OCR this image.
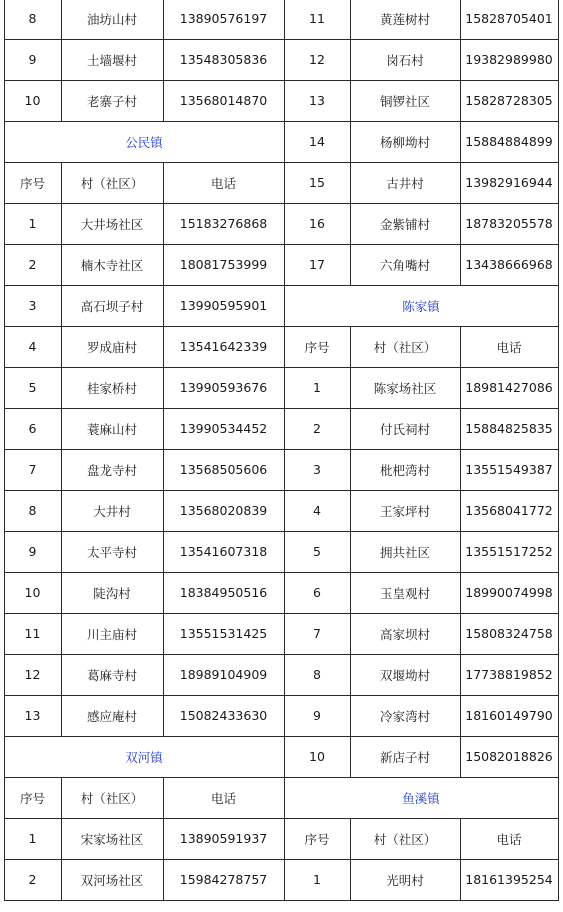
8	油坊山村	13890576197
9	土墙堰村	13548305836
10	老寨子村	13568014870
公民镇
序号	村（社区）	电话
1	大井场社区	15183276868
2	楠木寺社区	18081753999
3	高石坝子村	13990595901
4	罗成庙村	13541642339
5	桂家桥村	13990593676
6	蓑麻山村	13990534452
7	盘龙寺村	13568505606
8	大井村	13568020839
9	太平寺村	13541607318
10	陡沟村	18384950516
11	川主庙村	13551531425
12	葛麻寺村	18989104909
13	感应庵村	15082433630
双河镇
序号	村（社区）	电话
1	宋家场社区	13890591937
2	双河场社区	15984278757
11	黄莲树村	15828705401
12	岗石村	19382989980
13	铜锣社区	15828728305
14	杨柳坳村	15884884899
15	古井村	13982916944
16	金紫铺村	18783205578
17	六角嘴村	13438666968
陈家镇
序号	村（社区）	电话
1	陈家场社区	18981427086
2	付氏祠村	15884825835
3	枇杷湾村	13551549387
4	王家坪村	13568041772
5	拥共社区	13551517252
6	玉皇观村	18990074998
7	高家坝村	15808324758
8	双堰坳村	17738819852
9	冷家湾村	18160149790
10	新店子村	15082018826
鱼溪镇
序号	村（社区）	电话
1	光明村	18161395254
